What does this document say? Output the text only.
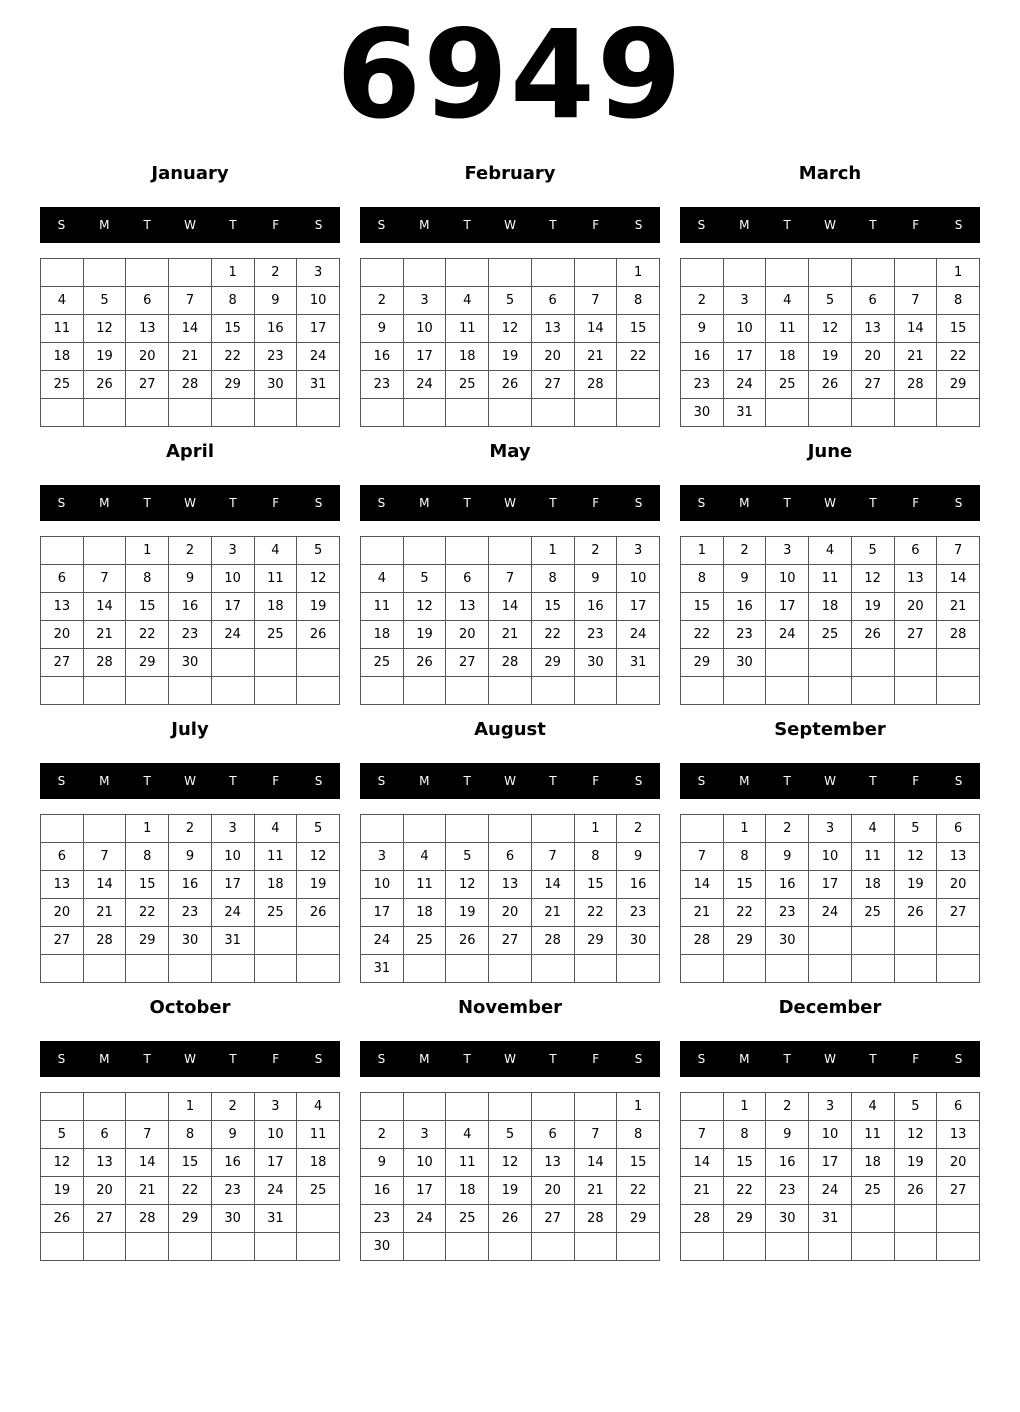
6949
January
S	M	T	W	T	F	S
				1	2	3
4	5	6	7	8	9	10
11	12	13	14	15	16	17
18	19	20	21	22	23	24
25	26	27	28	29	30	31

February
S	M	T	W	T	F	S
						1
2	3	4	5	6	7	8
9	10	11	12	13	14	15
16	17	18	19	20	21	22
23	24	25	26	27	28	

March
S	M	T	W	T	F	S
						1
2	3	4	5	6	7	8
9	10	11	12	13	14	15
16	17	18	19	20	21	22
23	24	25	26	27	28	29
30	31					
April
S	M	T	W	T	F	S
		1	2	3	4	5
6	7	8	9	10	11	12
13	14	15	16	17	18	19
20	21	22	23	24	25	26
27	28	29	30			

May
S	M	T	W	T	F	S
				1	2	3
4	5	6	7	8	9	10
11	12	13	14	15	16	17
18	19	20	21	22	23	24
25	26	27	28	29	30	31

June
S	M	T	W	T	F	S
1	2	3	4	5	6	7
8	9	10	11	12	13	14
15	16	17	18	19	20	21
22	23	24	25	26	27	28
29	30					

July
S	M	T	W	T	F	S
		1	2	3	4	5
6	7	8	9	10	11	12
13	14	15	16	17	18	19
20	21	22	23	24	25	26
27	28	29	30	31		

August
S	M	T	W	T	F	S
					1	2
3	4	5	6	7	8	9
10	11	12	13	14	15	16
17	18	19	20	21	22	23
24	25	26	27	28	29	30
31						
September
S	M	T	W	T	F	S
	1	2	3	4	5	6
7	8	9	10	11	12	13
14	15	16	17	18	19	20
21	22	23	24	25	26	27
28	29	30				

October
S	M	T	W	T	F	S
			1	2	3	4
5	6	7	8	9	10	11
12	13	14	15	16	17	18
19	20	21	22	23	24	25
26	27	28	29	30	31	

November
S	M	T	W	T	F	S
						1
2	3	4	5	6	7	8
9	10	11	12	13	14	15
16	17	18	19	20	21	22
23	24	25	26	27	28	29
30						
December
S	M	T	W	T	F	S
	1	2	3	4	5	6
7	8	9	10	11	12	13
14	15	16	17	18	19	20
21	22	23	24	25	26	27
28	29	30	31			
